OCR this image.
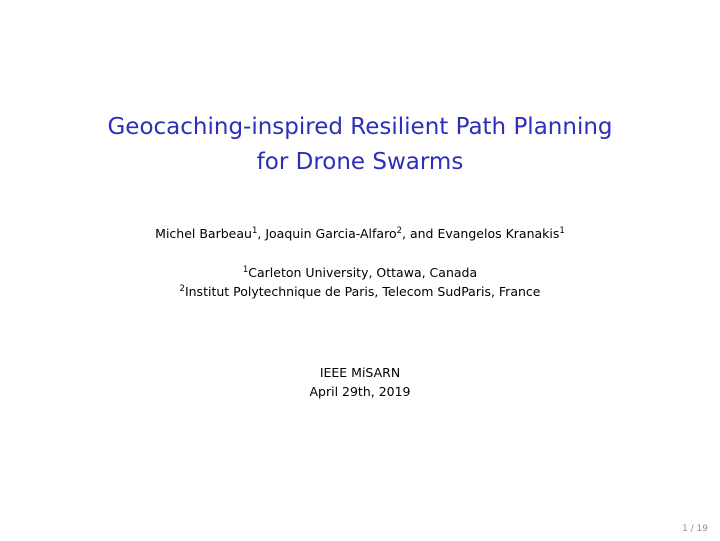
Geocaching-inspired Resilient Path Planning
for Drone Swarms
Michel Barbeau$^1$, Joaquin Garcia-Alfaro$^2$, and Evangelos Kranakis$^1$
$^1$Carleton University, Ottawa, Canada
$^2$Institut Polytechnique de Paris, Telecom SudParis, France
IEEE MiSARN
April 29th, 2019
1 / 19
